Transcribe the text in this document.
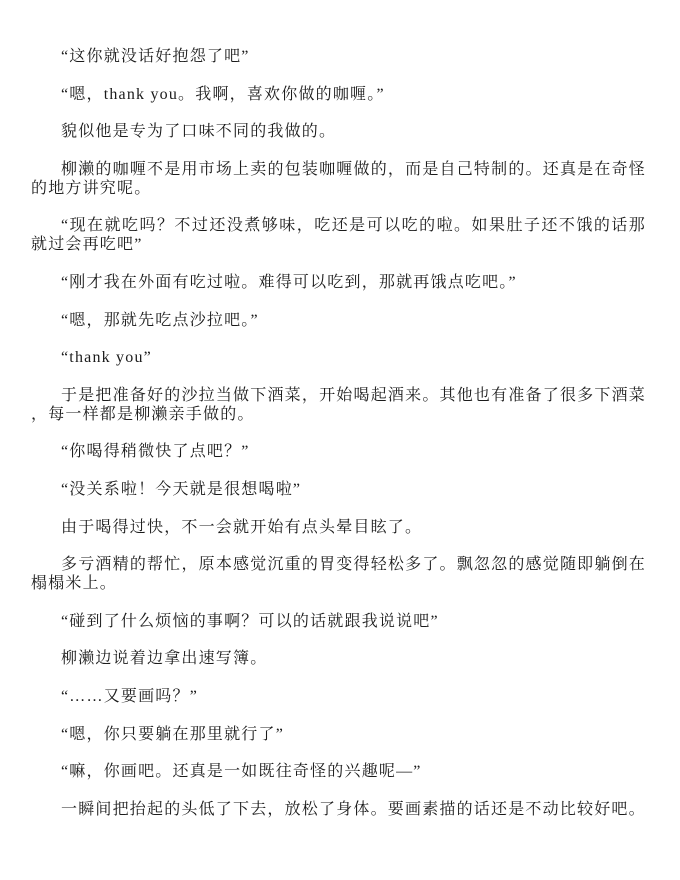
“这你就没话好抱怨了吧”

“嗯，thank you。我啊，喜欢你做的咖喱。”

貌似他是专为了口味不同的我做的。

柳濑的咖喱不是用市场上卖的包装咖喱做的，而是自己特制的。还真是在奇怪的地方讲究呢。

“现在就吃吗？不过还没煮够味，吃还是可以吃的啦。如果肚子还不饿的话那就过会再吃吧”

“刚才我在外面有吃过啦。难得可以吃到，那就再饿点吃吧。”

“嗯，那就先吃点沙拉吧。”

“thank you”

于是把准备好的沙拉当做下酒菜，开始喝起酒来。其他也有准备了很多下酒菜，每一样都是柳濑亲手做的。

“你喝得稍微快了点吧？”

“没关系啦！今天就是很想喝啦”

由于喝得过快，不一会就开始有点头晕目眩了。

多亏酒精的帮忙，原本感觉沉重的胃变得轻松多了。飘忽忽的感觉随即躺倒在榻榻米上。

“碰到了什么烦恼的事啊？可以的话就跟我说说吧”

柳濑边说着边拿出速写簿。

“……又要画吗？”

“嗯，你只要躺在那里就行了”

“嘛，你画吧。还真是一如既往奇怪的兴趣呢—”

一瞬间把抬起的头低了下去，放松了身体。要画素描的话还是不动比较好吧。
